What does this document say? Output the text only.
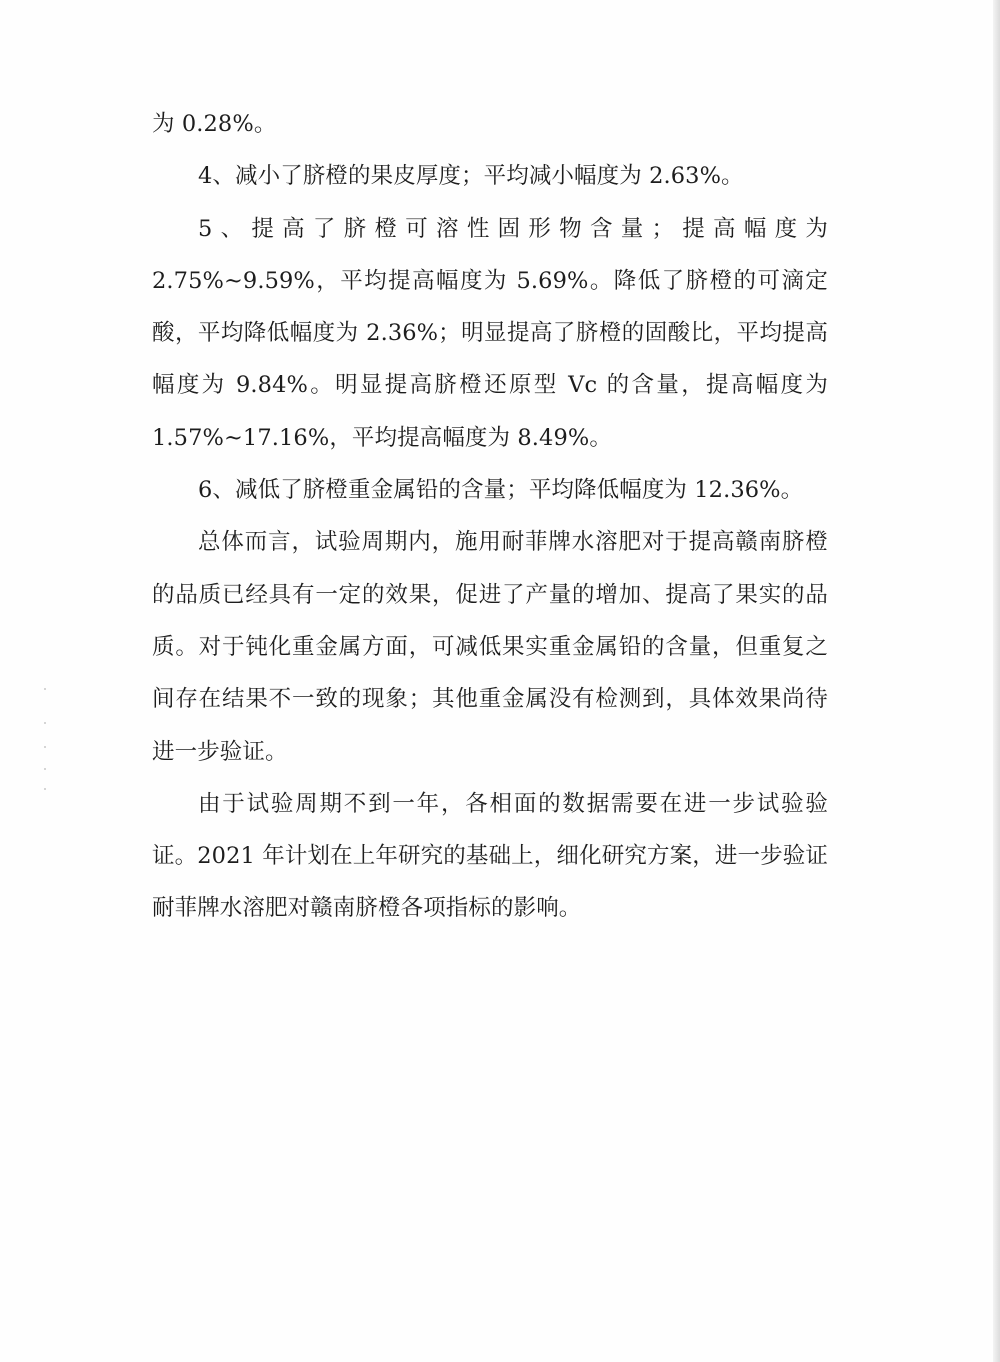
为 0.28%。

4、减小了脐橙的果皮厚度；平均减小幅度为 2.63%。

5、提高了脐橙可溶性固形物含量；提高幅度为 2.75%~9.59%，平均提高幅度为 5.69%。降低了脐橙的可滴定酸，平均降低幅度为 2.36%；明显提高了脐橙的固酸比，平均提高幅度为 9.84%。明显提高脐橙还原型 Vc 的含量，提高幅度为 1.57%~17.16%，平均提高幅度为 8.49%。

6、减低了脐橙重金属铅的含量；平均降低幅度为 12.36%。

总体而言，试验周期内，施用耐菲牌水溶肥对于提高赣南脐橙的品质已经具有一定的效果，促进了产量的增加、提高了果实的品质。对于钝化重金属方面，可减低果实重金属铅的含量，但重复之间存在结果不一致的现象；其他重金属没有检测到，具体效果尚待进一步验证。

由于试验周期不到一年，各相面的数据需要在进一步试验验证。2021 年计划在上年研究的基础上，细化研究方案，进一步验证耐菲牌水溶肥对赣南脐橙各项指标的影响。
